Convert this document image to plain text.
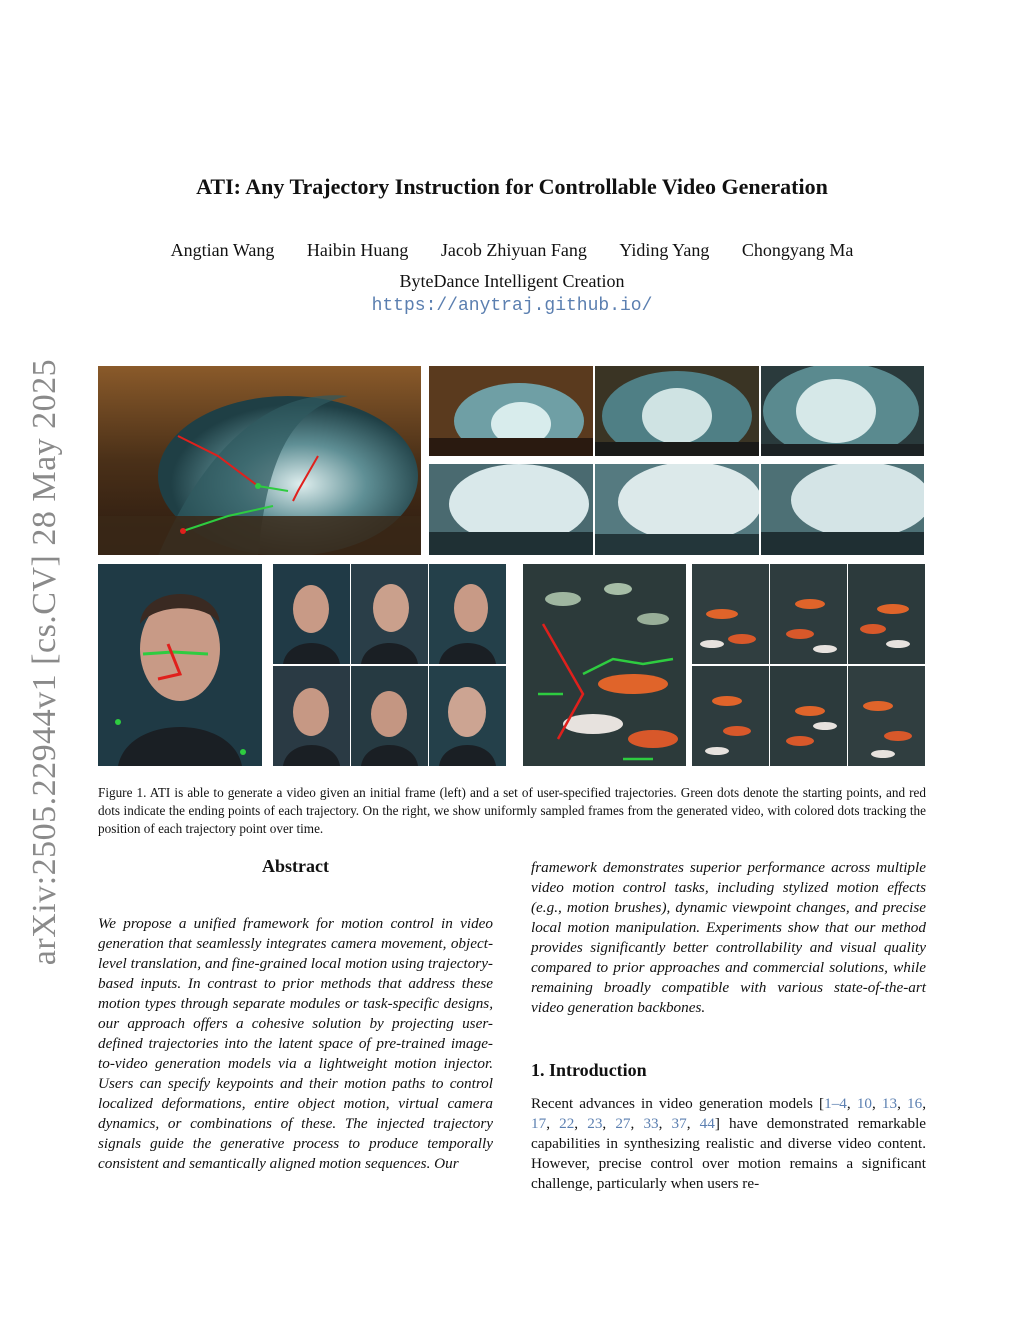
arXiv:2505.22944v1 [cs.CV] 28 May 2025
ATI: Any Trajectory Instruction for Controllable Video Generation
Angtian Wang Haibin Huang Jacob Zhiyuan Fang Yiding Yang Chongyang Ma
ByteDance Intelligent Creation
https://anytraj.github.io/
Figure 1. ATI is able to generate a video given an initial frame (left) and a set of user-specified trajectories. Green dots denote the starting points, and red dots indicate the ending points of each trajectory. On the right, we show uniformly sampled frames from the generated video, with colored dots tracking the position of each trajectory point over time.
Abstract
We propose a unified framework for motion control in video generation that seamlessly integrates camera movement, object-level translation, and fine-grained local motion using trajectory-based inputs. In contrast to prior methods that address these motion types through separate modules or task-specific designs, our approach offers a cohesive solution by projecting user-defined trajectories into the latent space of pre-trained image-to-video generation models via a lightweight motion injector. Users can specify keypoints and their motion paths to control localized deformations, entire object motion, virtual camera dynamics, or combinations of these. The injected trajectory signals guide the generative process to produce temporally consistent and semantically aligned motion sequences. Our
framework demonstrates superior performance across multiple video motion control tasks, including stylized motion effects (e.g., motion brushes), dynamic viewpoint changes, and precise local motion manipulation. Experiments show that our method provides significantly better controllability and visual quality compared to prior approaches and commercial solutions, while remaining broadly compatible with various state-of-the-art video generation backbones.
1. Introduction
Recent advances in video generation models [1–4, 10, 13, 16, 17, 22, 23, 27, 33, 37, 44] have demonstrated remarkable capabilities in synthesizing realistic and diverse video content. However, precise control over motion remains a significant challenge, particularly when users re-
